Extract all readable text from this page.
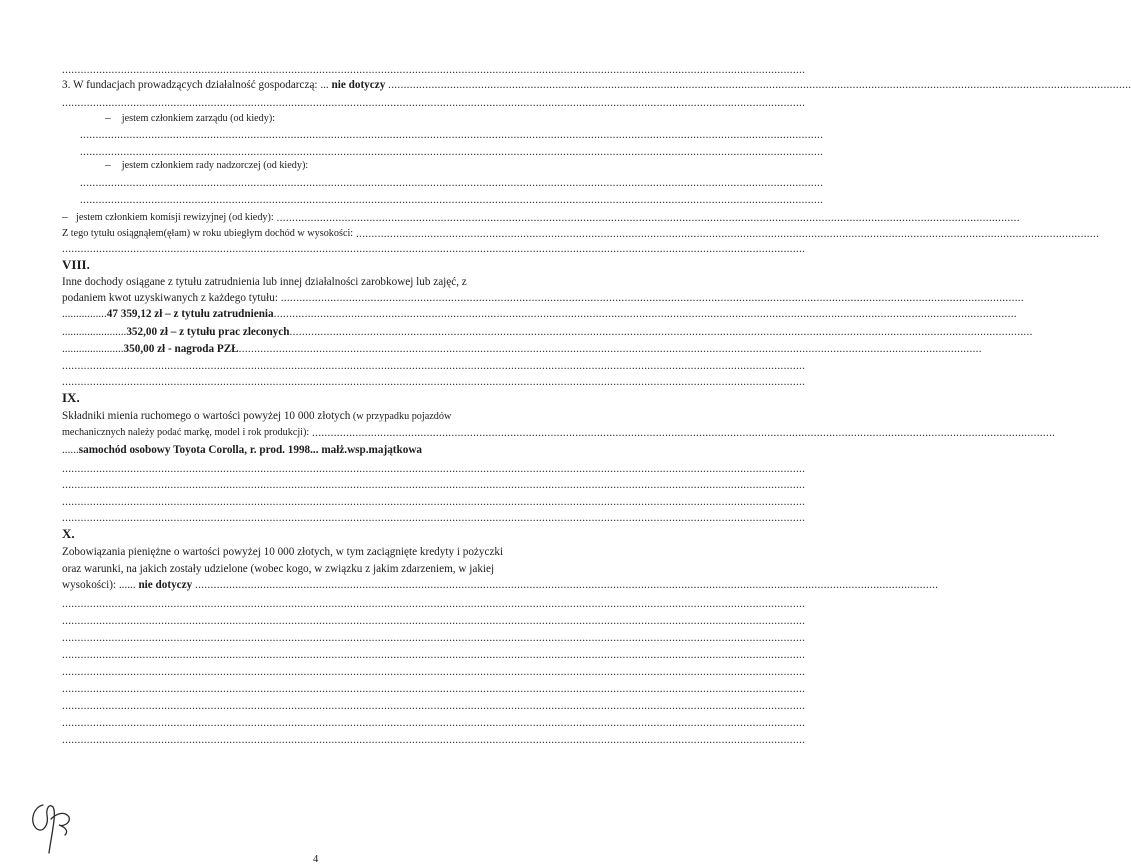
................................................................................................................................................................................................................................................
3. W fundacjach prowadzących działalność gospodarczą: ... nie dotyczy ................................................................................................................................................................................................................................................
................................................................................................................................................................................................................................................
– jestem członkiem zarządu (od kiedy):
................................................................................................................................................................................................................................................
................................................................................................................................................................................................................................................
– jestem członkiem rady nadzorczej (od kiedy):
................................................................................................................................................................................................................................................
................................................................................................................................................................................................................................................
– jestem członkiem komisji rewizyjnej (od kiedy): ................................................................................................................................................................................................................................................
Z tego tytułu osiągnąłem(ęłam) w roku ubiegłym dochód w wysokości: ................................................................................................................................................................................................................................................
................................................................................................................................................................................................................................................
VIII.
Inne dochody osiągane z tytułu zatrudnienia lub innej działalności zarobkowej lub zajęć, z
podaniem kwot uzyskiwanych z każdego tytułu: ................................................................................................................................................................................................................................................
................47 359,12 zł – z tytułu zatrudnienia................................................................................................................................................................................................................................................
.......................352,00 zł – z tytułu prac zleconych................................................................................................................................................................................................................................................
......................350,00 zł - nagroda PZŁ................................................................................................................................................................................................................................................
................................................................................................................................................................................................................................................
................................................................................................................................................................................................................................................
IX.
Składniki mienia ruchomego o wartości powyżej 10 000 złotych (w przypadku pojazdów
mechanicznych należy podać markę, model i rok produkcji): ................................................................................................................................................................................................................................................
......samochód osobowy Toyota Corolla, r. prod. 1998... małż.wsp.majątkowa
................................................................................................................................................................................................................................................
................................................................................................................................................................................................................................................
................................................................................................................................................................................................................................................
................................................................................................................................................................................................................................................
X.
Zobowiązania pieniężne o wartości powyżej 10 000 złotych, w tym zaciągnięte kredyty i pożyczki
oraz warunki, na jakich zostały udzielone (wobec kogo, w związku z jakim zdarzeniem, w jakiej
wysokości): ...... nie dotyczy ................................................................................................................................................................................................................................................
................................................................................................................................................................................................................................................
................................................................................................................................................................................................................................................
................................................................................................................................................................................................................................................
................................................................................................................................................................................................................................................
................................................................................................................................................................................................................................................
................................................................................................................................................................................................................................................
................................................................................................................................................................................................................................................
................................................................................................................................................................................................................................................
................................................................................................................................................................................................................................................
4
